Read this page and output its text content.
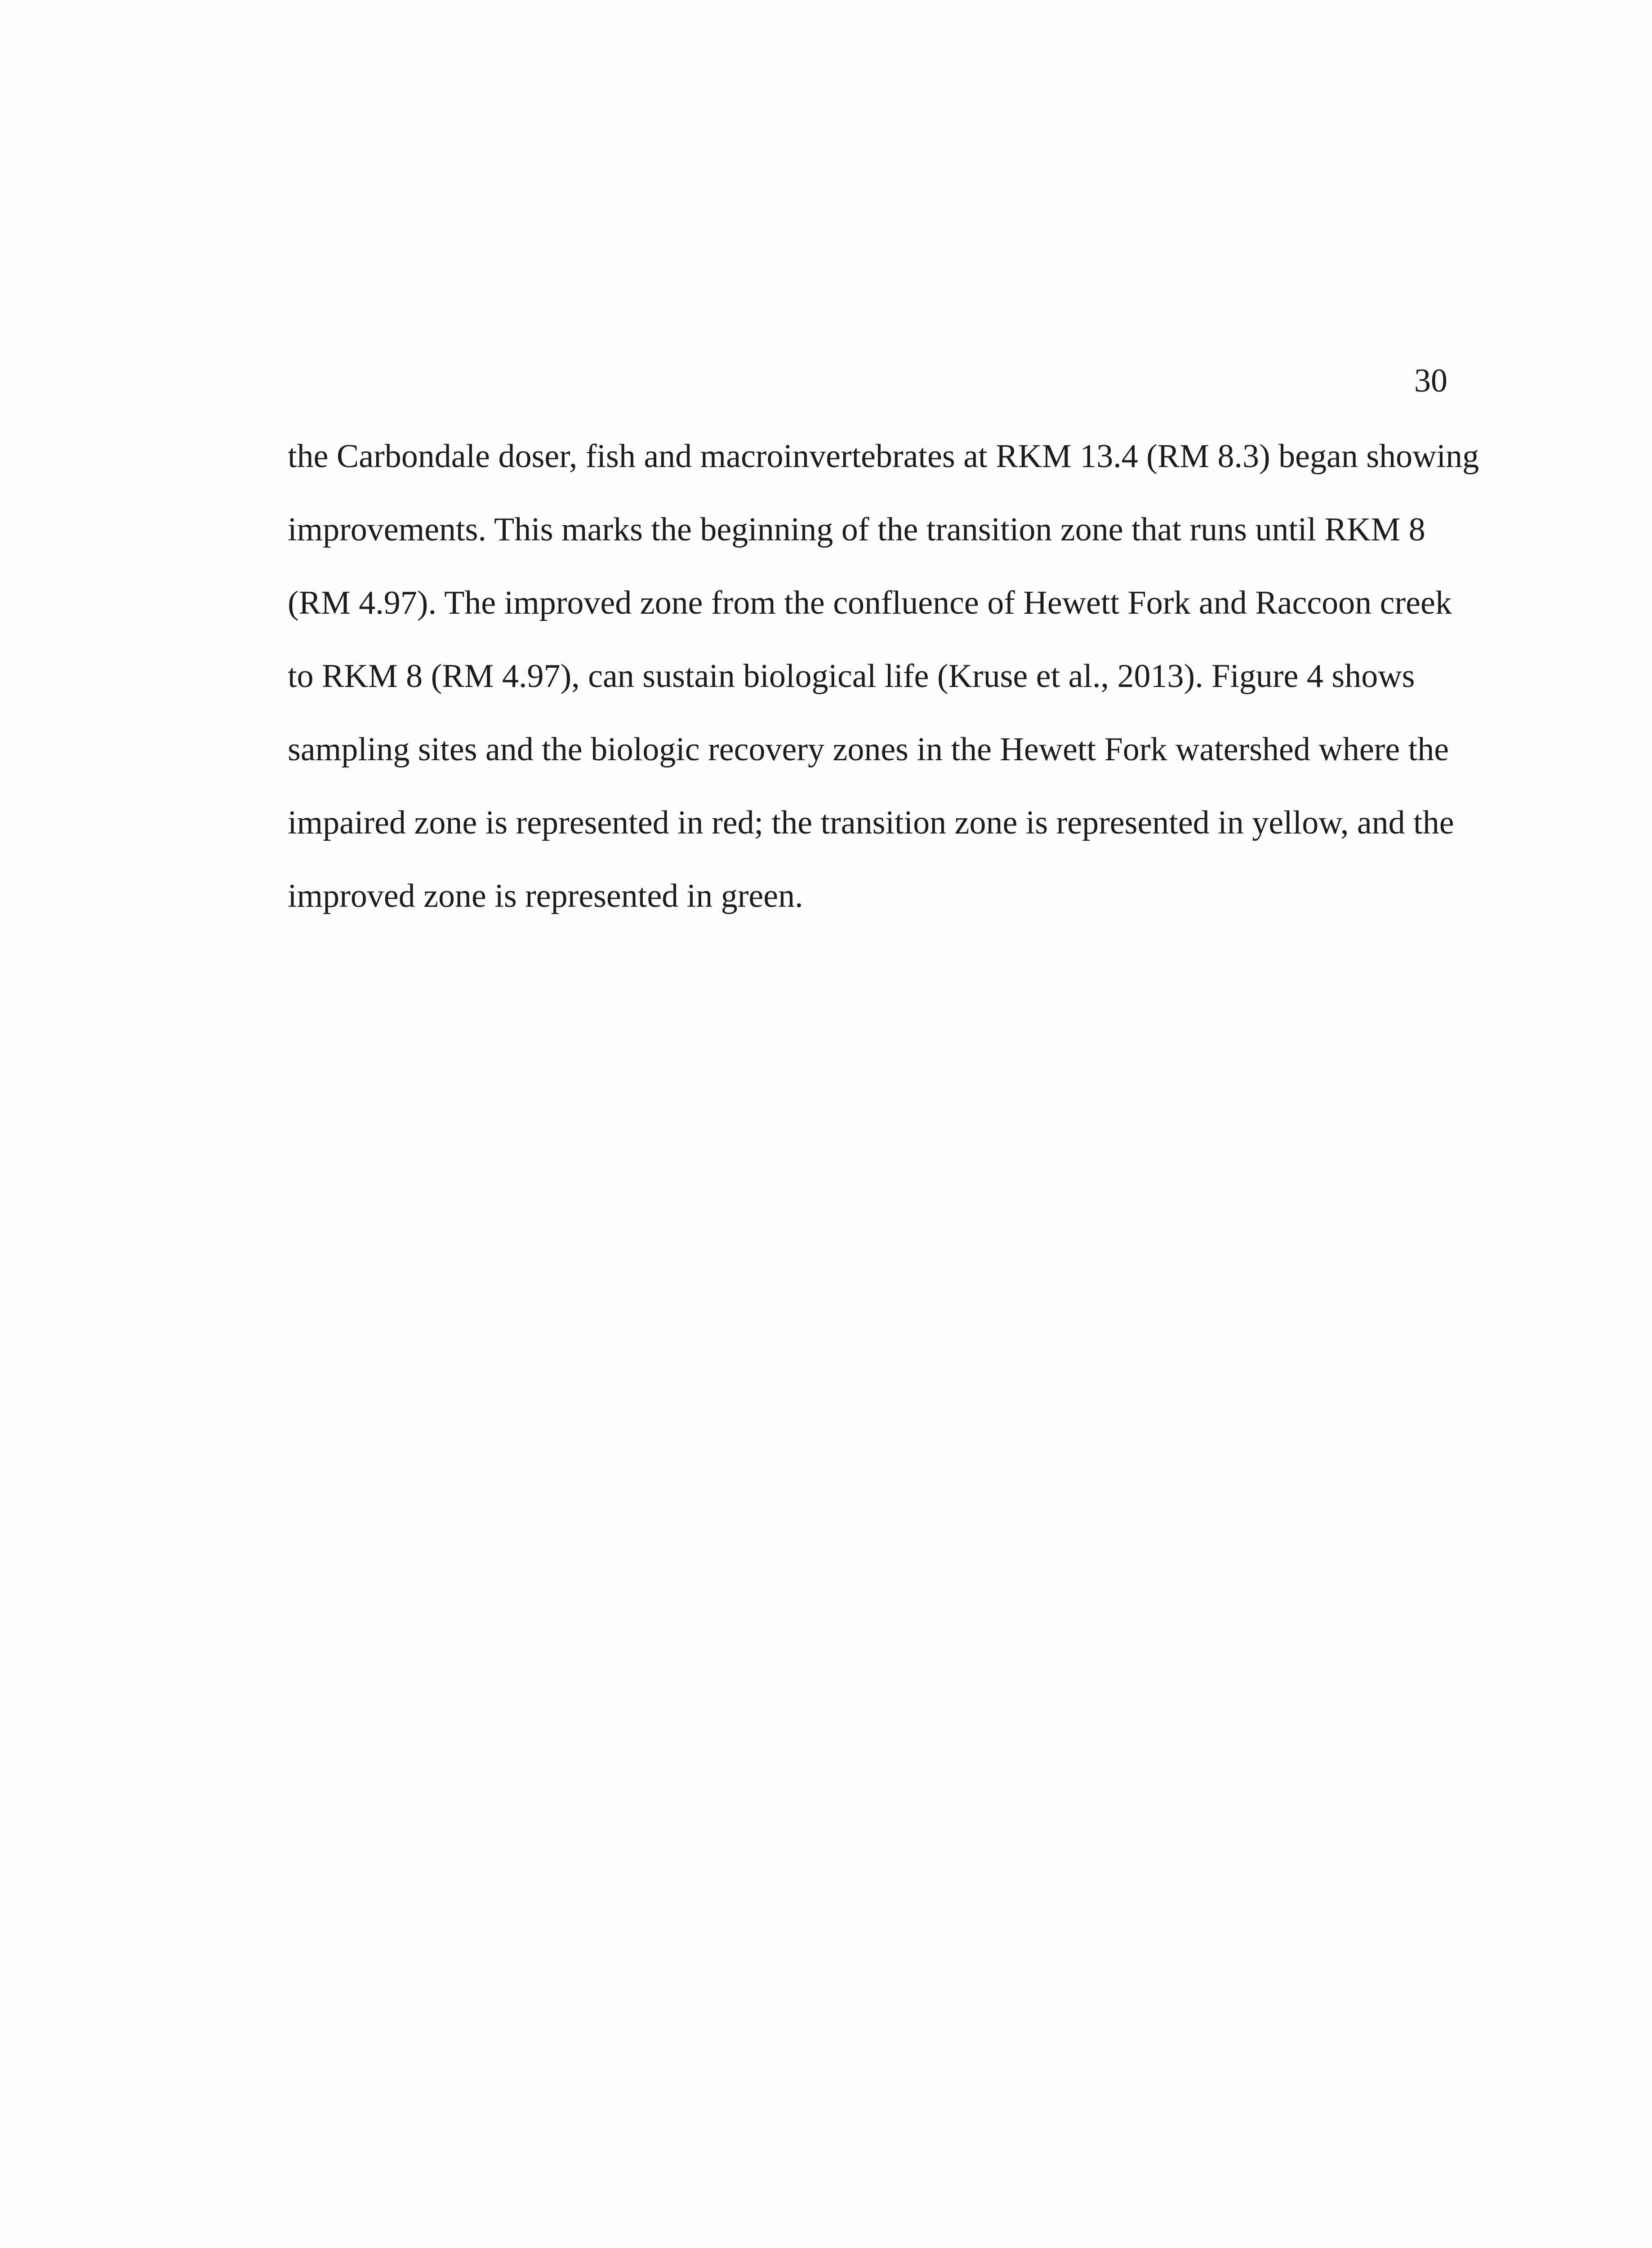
30
the Carbondale doser, fish and macroinvertebrates at RKM 13.4 (RM 8.3) began showing
improvements. This marks the beginning of the transition zone that runs until RKM 8
(RM 4.97). The improved zone from the confluence of Hewett Fork and Raccoon creek
to RKM 8 (RM 4.97), can sustain biological life (Kruse et al., 2013). Figure 4 shows
sampling sites and the biologic recovery zones in the Hewett Fork watershed where the
impaired zone is represented in red; the transition zone is represented in yellow, and the
improved zone is represented in green.
